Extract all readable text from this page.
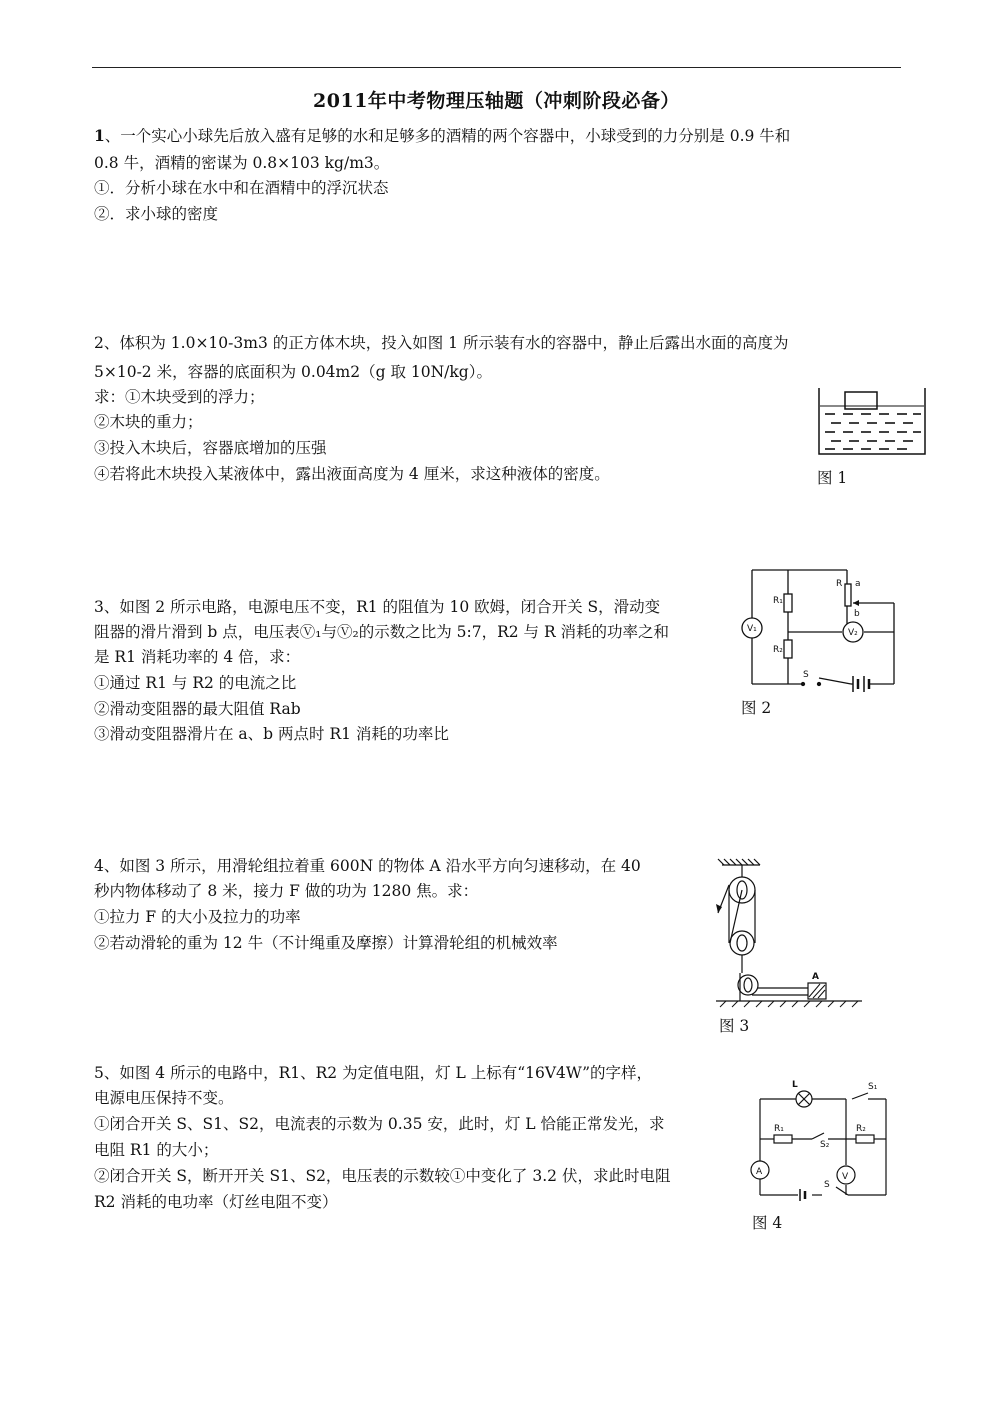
2011年中考物理压轴题（冲刺阶段必备）
1、一个实心小球先后放入盛有足够的水和足够多的酒精的两个容器中，小球受到的力分别是 0.9 牛和
0.8 牛，酒精的密谋为 0.8×103 kg/m3。
①．分析小球在水中和在酒精中的浮沉状态
②．求小球的密度
2、体积为 1.0×10-3m3 的正方体木块，投入如图 1 所示装有水的容器中，静止后露出水面的高度为
5×10-2 米，容器的底面积为 0.04m2（g 取 10N/kg）。
求：①木块受到的浮力；
②木块的重力；
③投入木块后，容器底增加的压强
④若将此木块投入某液体中，露出液面高度为 4 厘米，求这种液体的密度。	图 1
3、如图 2 所示电路，电源电压不变，R1 的阻值为 10 欧姆，闭合开关 S，滑动变
阻器的滑片滑到 b 点，电压表Ⓥ₁与Ⓥ₂的示数之比为 5:7，R2 与 R 消耗的功率之和
是 R1 消耗功率的 4 倍，求：
①通过 R1 与 R2 的电流之比
②滑动变阻器的最大阻值 Rab
③滑动变阻器滑片在 a、b 两点时 R1 消耗的功率比
V₁	V₂
R₁
R₂
R a
b
S
图 2
4、如图 3 所示，用滑轮组拉着重 600N 的物体 A 沿水平方向匀速移动，在 40
秒内物体移动了 8 米，接力 F 做的功为 1280 焦。求：
①拉力 F 的大小及拉力的功率
②若动滑轮的重为 12 牛（不计绳重及摩擦）计算滑轮组的机械效率
A
图 3
5、如图 4 所示的电路中，R1、R2 为定值电阻，灯 L 上标有“16V4W”的字样，
电源电压保持不变。
①闭合开关 S、S1、S2，电流表的示数为 0.35 安，此时，灯 L 恰能正常发光，求
电阻 R1 的大小；
②闭合开关 S，断开开关 S1、S2，电压表的示数较①中变化了 3.2 伏，求此时电阻
R2 消耗的电功率（灯丝电阻不变）
A	V
L	S₁
R₁
S₂
R₂
S
图 4
